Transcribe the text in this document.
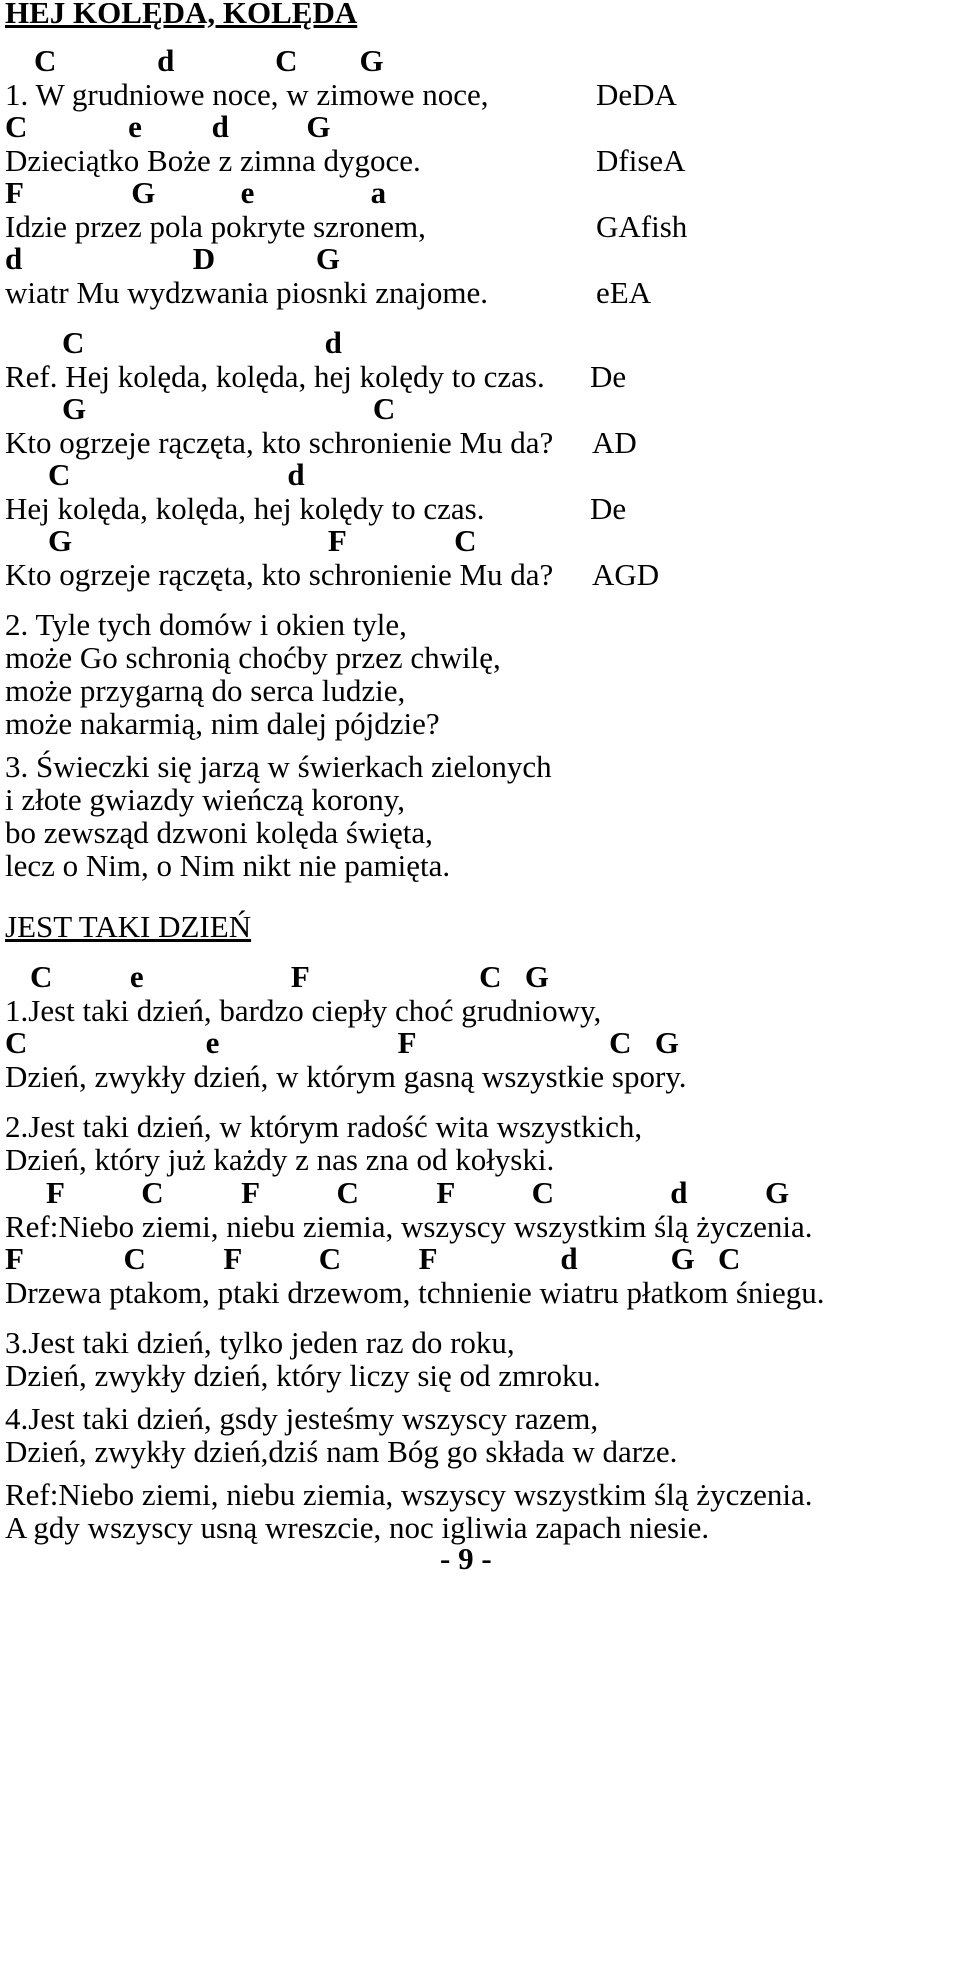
HEJ KOLĘDA, KOLĘDA
C             d             C        G
1. W grudniowe noce, w zimowe noce,	DeDA
C             e         d          G
Dzieciątko Boże z zimna dygoce.	DfiseA
F              G           e               a
Idzie przez pola pokryte szronem,	GAfish
d                      D             G
wiatr Mu wydzwania piosnki znajome.	eEA
C                               d
Ref. Hej kolęda, kolęda, hej kolędy to czas. De
G                                     C
Kto ogrzeje rączęta, kto schronienie Mu da? AD
C                            d
Hej kolęda, kolęda, hej kolędy to czas.	De
G                                 F              C
Kto ogrzeje rączęta, kto schronienie Mu da? AGD
2. Tyle tych domów i okien tyle,
może Go schronią choćby przez chwilę,
może przygarną do serca ludzie,
może nakarmią, nim dalej pójdzie?
3. Świeczki się jarzą w świerkach zielonych
i złote gwiazdy wieńczą korony,
bo zewsząd dzwoni kolęda święta,
lecz o Nim, o Nim nikt nie pamięta.
JEST TAKI DZIEŃ
C          e                   F                      C   G
1.Jest taki dzień, bardzo ciepły choć grudniowy,
C                       e                       F                         C   G
Dzień, zwykły dzień, w którym gasną wszystkie spory.
2.Jest taki dzień, w którym radość wita wszystkich,
Dzień, który już każdy z nas zna od kołyski.
F          C          F          C          F          C               d          G
Ref:Niebo ziemi, niebu ziemia, wszyscy wszystkim ślą życzenia.
F             C          F          C          F                d            G   C
Drzewa ptakom, ptaki drzewom, tchnienie wiatru płatkom śniegu.
3.Jest taki dzień, tylko jeden raz do roku,
Dzień, zwykły dzień, który liczy się od zmroku.
4.Jest taki dzień, gsdy jesteśmy wszyscy razem,
Dzień, zwykły dzień,dziś nam Bóg go składa w darze.
Ref:Niebo ziemi, niebu ziemia, wszyscy wszystkim ślą życzenia.
A gdy wszyscy usną wreszcie, noc igliwia zapach niesie.
- 9 -
